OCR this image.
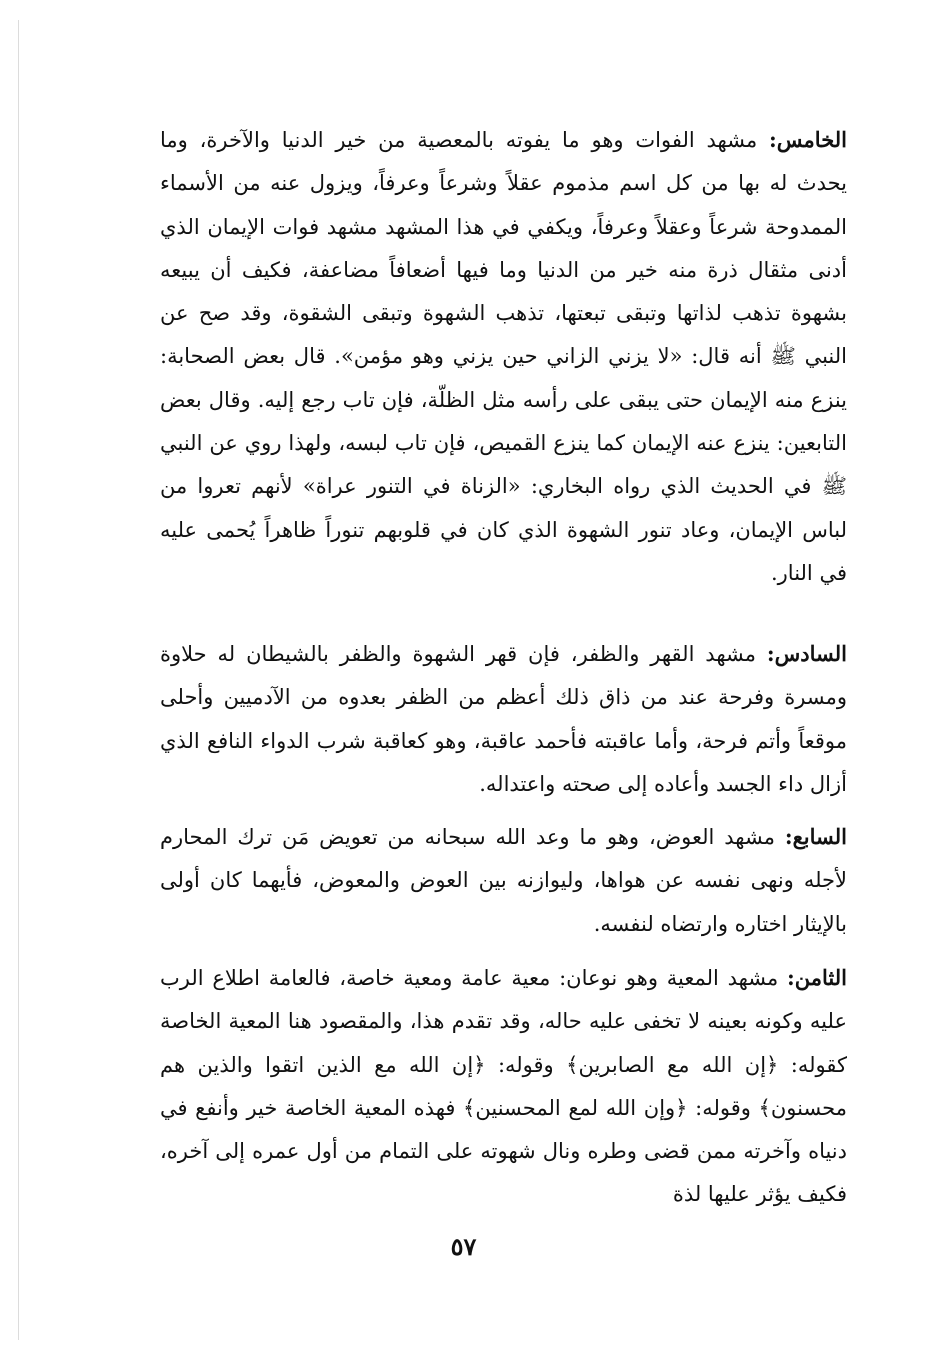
الخامس: مشهد الفوات وهو ما يفوته بالمعصية من خير الدنيا والآخرة، وما يحدث له بها من كل اسم مذموم عقلاً وشرعاً وعرفاً، ويزول عنه من الأسماء الممدوحة شرعاً وعقلاً وعرفاً، ويكفي في هذا المشهد مشهد فوات الإيمان الذي أدنى مثقال ذرة منه خير من الدنيا وما فيها أضعافاً مضاعفة، فكيف أن يبيعه بشهوة تذهب لذاتها وتبقى تبعتها، تذهب الشهوة وتبقى الشقوة، وقد صح عن النبي ﷺ أنه قال: «لا يزني الزاني حين يزني وهو مؤمن». قال بعض الصحابة: ينزع منه الإيمان حتى يبقى على رأسه مثل الظلّة، فإن تاب رجع إليه. وقال بعض التابعين: ينزع عنه الإيمان كما ينزع القميص، فإن تاب لبسه، ولهذا روي عن النبي ﷺ في الحديث الذي رواه البخاري: «الزناة في التنور عراة» لأنهم تعروا من لباس الإيمان، وعاد تنور الشهوة الذي كان في قلوبهم تنوراً ظاهراً يُحمى عليه في النار.

السادس: مشهد القهر والظفر، فإن قهر الشهوة والظفر بالشيطان له حلاوة ومسرة وفرحة عند من ذاق ذلك أعظم من الظفر بعدوه من الآدميين وأحلى موقعاً وأتم فرحة، وأما عاقبته فأحمد عاقبة، وهو كعاقبة شرب الدواء النافع الذي أزال داء الجسد وأعاده إلى صحته واعتداله.

السابع: مشهد العوض، وهو ما وعد الله سبحانه من تعويض مَن ترك المحارم لأجله ونهى نفسه عن هواها، وليوازنه بين العوض والمعوض، فأيهما كان أولى بالإيثار اختاره وارتضاه لنفسه.

الثامن: مشهد المعية وهو نوعان: معية عامة ومعية خاصة، فالعامة اطلاع الرب عليه وكونه بعينه لا تخفى عليه حاله، وقد تقدم هذا، والمقصود هنا المعية الخاصة كقوله: ﴿إن الله مع الصابرين﴾ وقوله: ﴿إن الله مع الذين اتقوا والذين هم محسنون﴾ وقوله: ﴿وإن الله لمع المحسنين﴾ فهذه المعية الخاصة خير وأنفع في دنياه وآخرته ممن قضى وطره ونال شهوته على التمام من أول عمره إلى آخره، فكيف يؤثر عليها لذة

٥٧
